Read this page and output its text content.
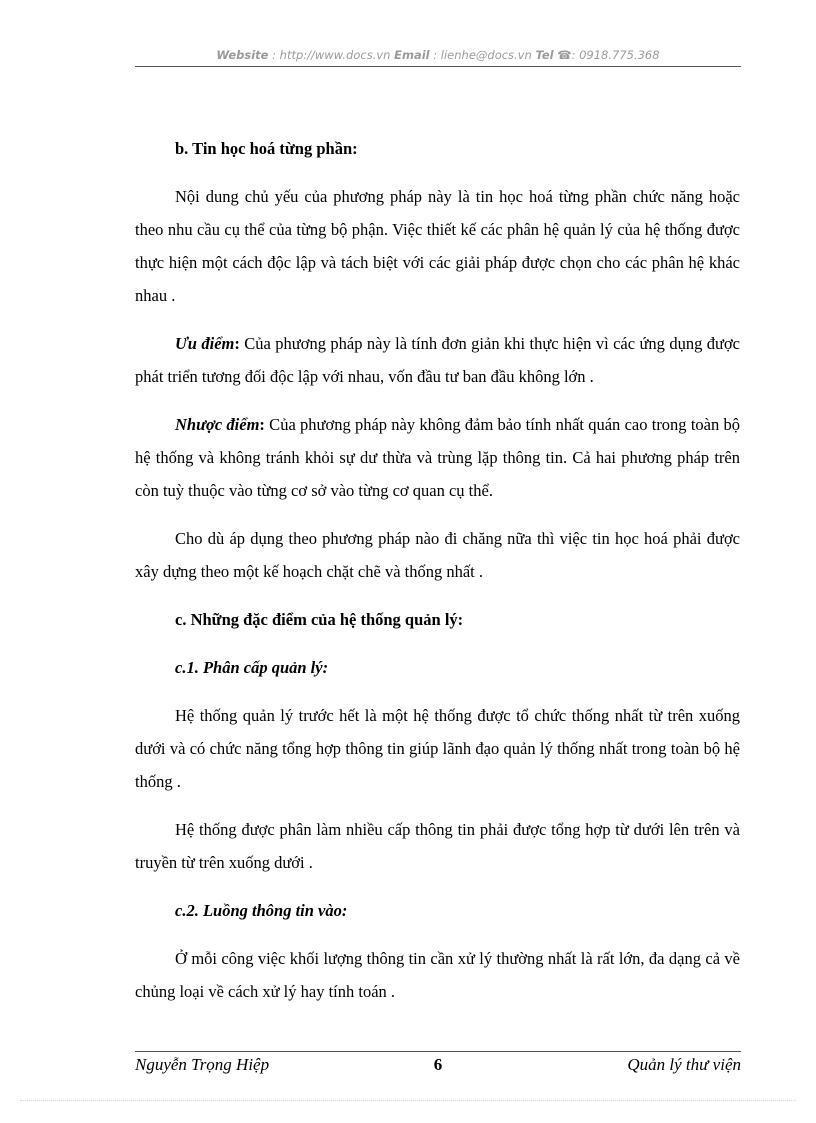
Website : http://www.docs.vn Email : lienhe@docs.vn Tel ☎: 0918.775.368

b. Tin học hoá từng phần:

Nội dung chủ yếu của phương pháp này là tin học hoá từng phần chức năng hoặc theo nhu cầu cụ thể của từng bộ phận. Việc thiết kế các phân hệ quản lý của hệ thống được thực hiện một cách độc lập và tách biệt với các giải pháp được chọn cho các phân hệ khác nhau .

Ưu điểm: Của phương pháp này là tính đơn giản khi thực hiện vì các ứng dụng được phát triển tương đối độc lập với nhau, vốn đầu tư ban đầu không lớn .

Nhược điểm: Của phương pháp này không đảm bảo tính nhất quán cao trong toàn bộ hệ thống và không tránh khỏi sự dư thừa và trùng lặp thông tin. Cả hai phương pháp trên còn tuỳ thuộc vào từng cơ sở vào từng cơ quan cụ thể.

Cho dù áp dụng theo phương pháp nào đi chăng nữa thì việc tin học hoá phải được xây dựng theo một kế hoạch chặt chẽ và thống nhất .

c. Những đặc điểm của hệ thống quản lý:

c.1. Phân cấp quản lý:

Hệ thống quản lý trước hết là một hệ thống được tổ chức thống nhất từ trên xuống dưới và có chức năng tổng hợp thông tin giúp lãnh đạo quản lý thống nhất trong toàn bộ hệ thống .

Hệ thống được phân làm nhiều cấp thông tin phải được tổng hợp từ dưới lên trên và truyền từ trên xuống dưới .

c.2. Luồng thông tin vào:

Ở mỗi công việc khối lượng thông tin cần xử lý thường nhất là rất lớn, đa dạng cả về chủng loại về cách xử lý hay tính toán .

Nguyễn Trọng Hiệp	6	Quản lý thư viện
